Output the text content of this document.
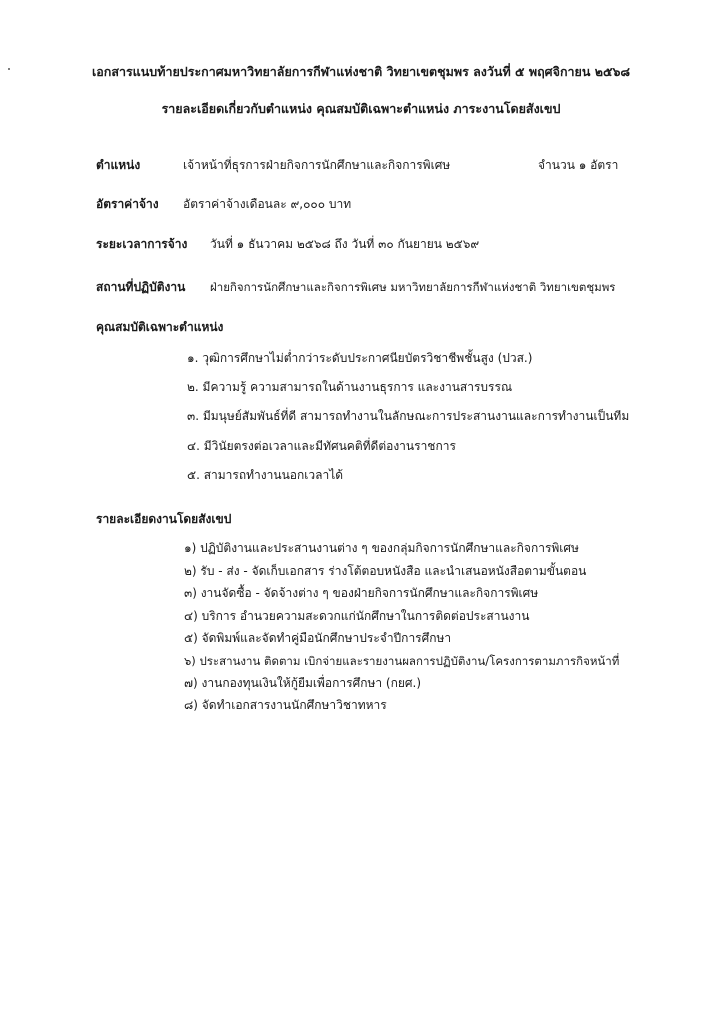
เอกสารแนบท้ายประกาศมหาวิทยาลัยการกีฬาแห่งชาติ วิทยาเขตชุมพร ลงวันที่ ๕ พฤศจิกายน ๒๕๖๘
รายละเอียดเกี่ยวกับตำแหน่ง คุณสมบัติเฉพาะตำแหน่ง ภาระงานโดยสังเขป
ตำแหน่ง	เจ้าหน้าที่ธุรการฝ่ายกิจการนักศึกษาและกิจการพิเศษ	จำนวน ๑ อัตรา
อัตราค่าจ้าง อัตราค่าจ้างเดือนละ ๙,๐๐๐ บาท
ระยะเวลาการจ้าง วันที่ ๑ ธันวาคม ๒๕๖๘ ถึง วันที่ ๓๐ กันยายน ๒๕๖๙
สถานที่ปฏิบัติงาน ฝ่ายกิจการนักศึกษาและกิจการพิเศษ มหาวิทยาลัยการกีฬาแห่งชาติ วิทยาเขตชุมพร
คุณสมบัติเฉพาะตำแหน่ง
๑. วุฒิการศึกษาไม่ต่ำกว่าระดับประกาศนียบัตรวิชาชีพชั้นสูง (ปวส.)
๒. มีความรู้ ความสามารถในด้านงานธุรการ และงานสารบรรณ
๓. มีมนุษย์สัมพันธ์ที่ดี สามารถทำงานในลักษณะการประสานงานและการทำงานเป็นทีม
๔. มีวินัยตรงต่อเวลาและมีทัศนคติที่ดีต่องานราชการ
๕. สามารถทำงานนอกเวลาได้
รายละเอียดงานโดยสังเขป
๑) ปฏิบัติงานและประสานงานต่าง ๆ ของกลุ่มกิจการนักศึกษาและกิจการพิเศษ
๒) รับ - ส่ง - จัดเก็บเอกสาร ร่างโต้ตอบหนังสือ และนำเสนอหนังสือตามขั้นตอน
๓) งานจัดซื้อ - จัดจ้างต่าง ๆ ของฝ่ายกิจการนักศึกษาและกิจการพิเศษ
๔) บริการ อำนวยความสะดวกแก่นักศึกษาในการติดต่อประสานงาน
๕) จัดพิมพ์และจัดทำคู่มือนักศึกษาประจำปีการศึกษา
๖) ประสานงาน ติดตาม เบิกจ่ายและรายงานผลการปฏิบัติงาน/โครงการตามภารกิจหน้าที่
๗) งานกองทุนเงินให้กู้ยืมเพื่อการศึกษา (กยศ.)
๘) จัดทำเอกสารงานนักศึกษาวิชาทหาร
